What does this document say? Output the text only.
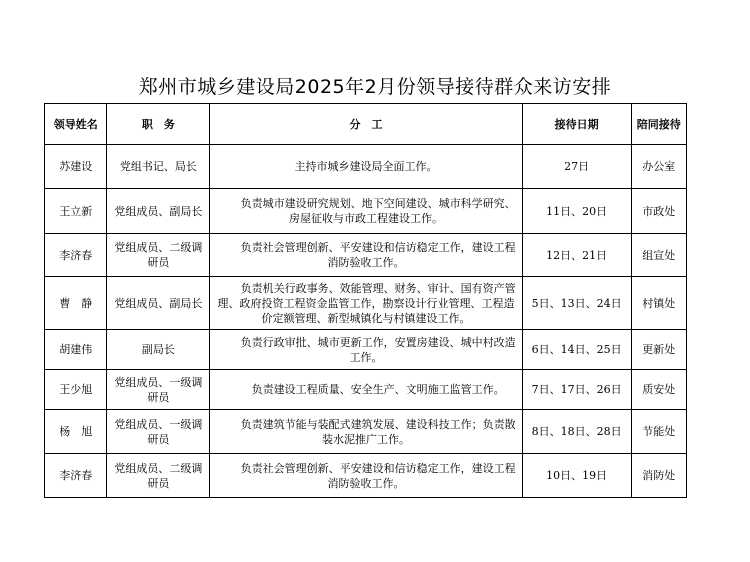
郑州市城乡建设局2025年2月份领导接待群众来访安排
领导姓名	职　务	分　工	接待日期	陪同接待
苏建设	党组书记、局长	主持市城乡建设局全面工作。	27日	办公室
王立新	党组成员、副局长	负责城市建设研究规划、地下空间建设、城市科学研究、房屋征收与市政工程建设工作。	11日、20日	市政处
李济春	党组成员、二级调研员	负责社会管理创新、平安建设和信访稳定工作，建设工程消防验收工作。	12日、21日	组宣处
曹　静	党组成员、副局长	负责机关行政事务、效能管理、财务、审计、国有资产管理、政府投资工程资金监管工作，勘察设计行业管理、工程造价定额管理、新型城镇化与村镇建设工作。	5日、13日、24日	村镇处
胡建伟	副局长	负责行政审批、城市更新工作，安置房建设、城中村改造工作。	6日、14日、25日	更新处
王少旭	党组成员、一级调研员	负责建设工程质量、安全生产、文明施工监管工作。	7日、17日、26日	质安处
杨　旭	党组成员、一级调研员	负责建筑节能与装配式建筑发展、建设科技工作；负责散装水泥推广工作。	8日、18日、28日	节能处
李济春	党组成员、二级调研员	负责社会管理创新、平安建设和信访稳定工作，建设工程消防验收工作。	10日、19日	消防处
